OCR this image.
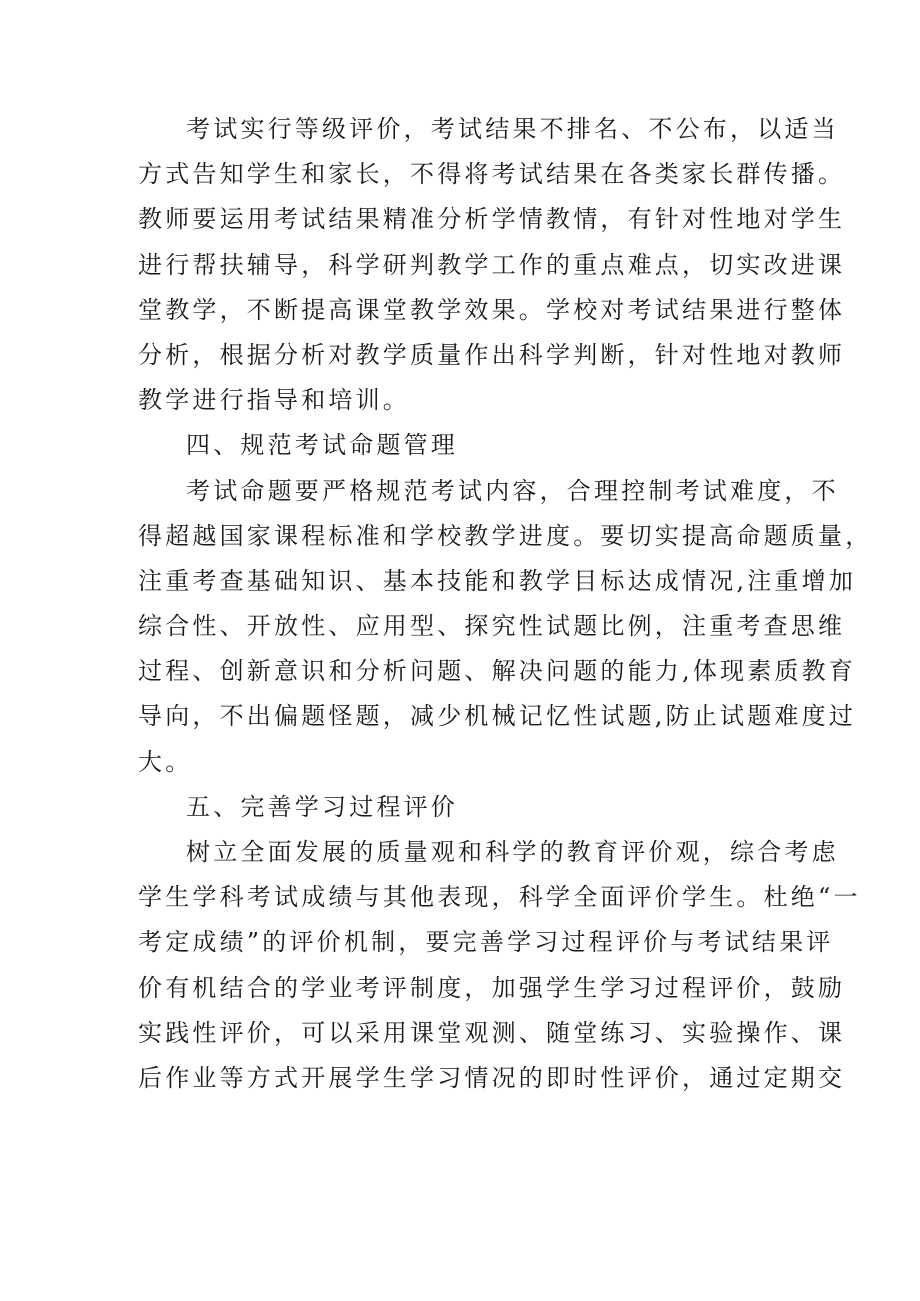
考试实行等级评价，考试结果不排名、不公布，以适当
方式告知学生和家长，不得将考试结果在各类家长群传播。
教师要运用考试结果精准分析学情教情，有针对性地对学生
进行帮扶辅导，科学研判教学工作的重点难点，切实改进课
堂教学，不断提高课堂教学效果。学校对考试结果进行整体
分析，根据分析对教学质量作出科学判断，针对性地对教师
教学进行指导和培训。
四、规范考试命题管理
考试命题要严格规范考试内容，合理控制考试难度，不
得超越国家课程标准和学校教学进度。要切实提高命题质量，
注重考查基础知识、基本技能和教学目标达成情况,注重增加
综合性、开放性、应用型、探究性试题比例，注重考查思维
过程、创新意识和分析问题、解决问题的能力,体现素质教育
导向，不出偏题怪题，减少机械记忆性试题,防止试题难度过
大。
五、完善学习过程评价
树立全面发展的质量观和科学的教育评价观，综合考虑
学生学科考试成绩与其他表现，科学全面评价学生。杜绝“一
考定成绩”的评价机制，要完善学习过程评价与考试结果评
价有机结合的学业考评制度，加强学生学习过程评价，鼓励
实践性评价，可以采用课堂观测、随堂练习、实验操作、课
后作业等方式开展学生学习情况的即时性评价，通过定期交
